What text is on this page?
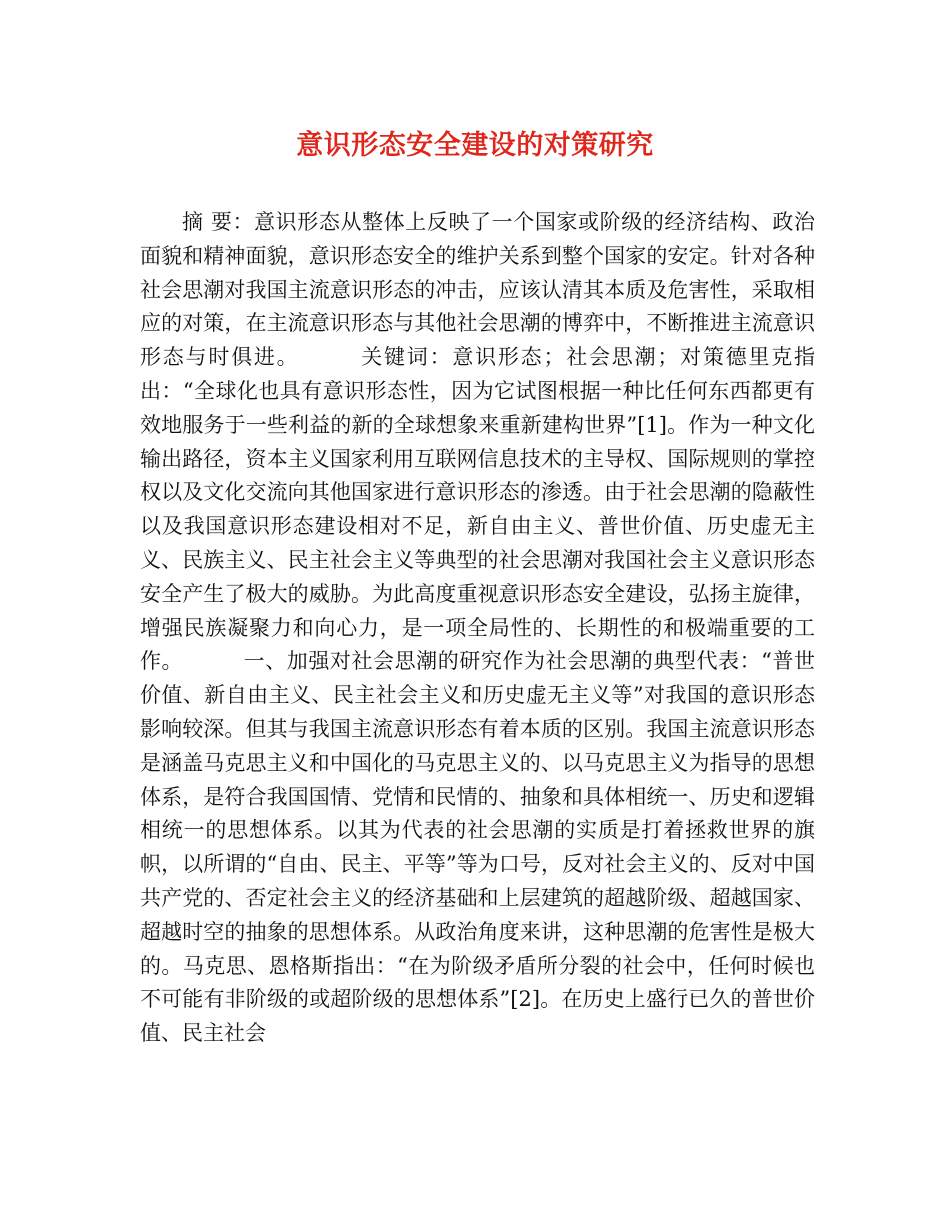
意识形态安全建设的对策研究

摘 要：意识形态从整体上反映了一个国家或阶级的经济结构、政治面貌和精神面貌，意识形态安全的维护关系到整个国家的安定。针对各种社会思潮对我国主流意识形态的冲击，应该认清其本质及危害性，采取相应的对策，在主流意识形态与其他社会思潮的博弈中，不断推进主流意识形态与时俱进。	关键词：意识形态；社会思潮；对策德里克指出：“全球化也具有意识形态性，因为它试图根据一种比任何东西都更有效地服务于一些利益的新的全球想象来重新建构世界”[1]。作为一种文化输出路径，资本主义国家利用互联网信息技术的主导权、国际规则的掌控权以及文化交流向其他国家进行意识形态的渗透。由于社会思潮的隐蔽性以及我国意识形态建设相对不足，新自由主义、普世价值、历史虚无主义、民族主义、民主社会主义等典型的社会思潮对我国社会主义意识形态安全产生了极大的威胁。为此高度重视意识形态安全建设，弘扬主旋律，增强民族凝聚力和向心力，是一项全局性的、长期性的和极端重要的工作。	一、加强对社会思潮的研究作为社会思潮的典型代表：“普世价值、新自由主义、民主社会主义和历史虚无主义等”对我国的意识形态影响较深。但其与我国主流意识形态有着本质的区别。我国主流意识形态是涵盖马克思主义和中国化的马克思主义的、以马克思主义为指导的思想体系，是符合我国国情、党情和民情的、抽象和具体相统一、历史和逻辑相统一的思想体系。以其为代表的社会思潮的实质是打着拯救世界的旗帜，以所谓的“自由、民主、平等”等为口号，反对社会主义的、反对中国共产党的、否定社会主义的经济基础和上层建筑的超越阶级、超越国家、超越时空的抽象的思想体系。从政治角度来讲，这种思潮的危害性是极大的。马克思、恩格斯指出：“在为阶级矛盾所分裂的社会中，任何时候也不可能有非阶级的或超阶级的思想体系”[2]。在历史上盛行已久的普世价值、民主社会
